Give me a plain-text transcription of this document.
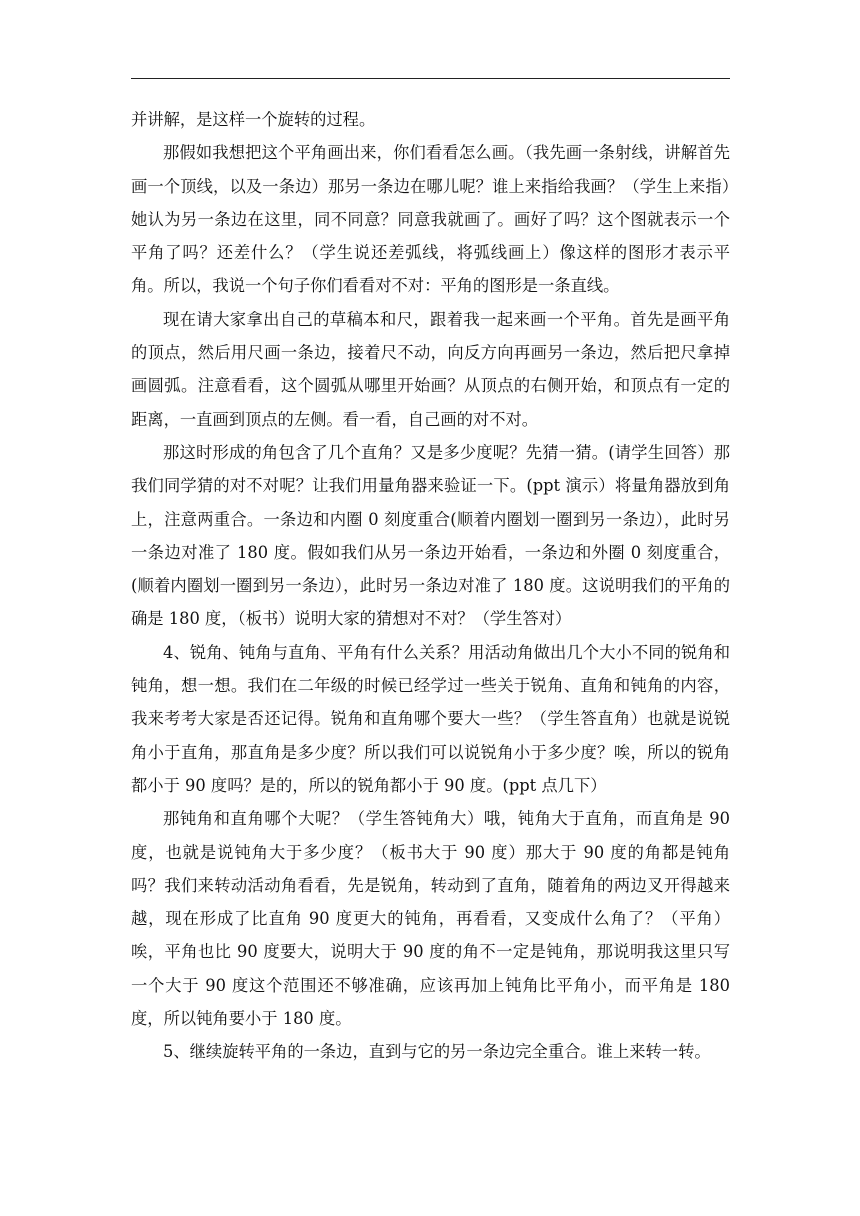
并讲解，是这样一个旋转的过程。

那假如我想把这个平角画出来，你们看看怎么画。（我先画一条射线，讲解首先画一个顶线，以及一条边）那另一条边在哪儿呢？谁上来指给我画？（学生上来指）她认为另一条边在这里，同不同意？同意我就画了。画好了吗？这个图就表示一个平角了吗？还差什么？（学生说还差弧线，将弧线画上）像这样的图形才表示平角。所以，我说一个句子你们看看对不对：平角的图形是一条直线。

现在请大家拿出自己的草稿本和尺，跟着我一起来画一个平角。首先是画平角的顶点，然后用尺画一条边，接着尺不动，向反方向再画另一条边，然后把尺拿掉画圆弧。注意看看，这个圆弧从哪里开始画？从顶点的右侧开始，和顶点有一定的距离，一直画到顶点的左侧。看一看，自己画的对不对。

那这时形成的角包含了几个直角？又是多少度呢？先猜一猜。(请学生回答）那我们同学猜的对不对呢？让我们用量角器来验证一下。(ppt 演示）将量角器放到角上，注意两重合。一条边和内圈 0 刻度重合(顺着内圈划一圈到另一条边），此时另一条边对准了 180 度。假如我们从另一条边开始看，一条边和外圈 0 刻度重合，(顺着内圈划一圈到另一条边），此时另一条边对准了 180 度。这说明我们的平角的确是 180 度，（板书）说明大家的猜想对不对？（学生答对）

4、锐角、钝角与直角、平角有什么关系？用活动角做出几个大小不同的锐角和钝角，想一想。我们在二年级的时候已经学过一些关于锐角、直角和钝角的内容，我来考考大家是否还记得。锐角和直角哪个要大一些？（学生答直角）也就是说锐角小于直角，那直角是多少度？所以我们可以说锐角小于多少度？唉，所以的锐角都小于 90 度吗？是的，所以的锐角都小于 90 度。(ppt 点几下）

那钝角和直角哪个大呢？（学生答钝角大）哦，钝角大于直角，而直角是 90 度，也就是说钝角大于多少度？（板书大于 90 度）那大于 90 度的角都是钝角吗？我们来转动活动角看看，先是锐角，转动到了直角，随着角的两边叉开得越来越，现在形成了比直角 90 度更大的钝角，再看看，又变成什么角了？（平角）唉，平角也比 90 度要大，说明大于 90 度的角不一定是钝角，那说明我这里只写一个大于 90 度这个范围还不够准确，应该再加上钝角比平角小，而平角是 180 度，所以钝角要小于 180 度。

5、继续旋转平角的一条边，直到与它的另一条边完全重合。谁上来转一转。
